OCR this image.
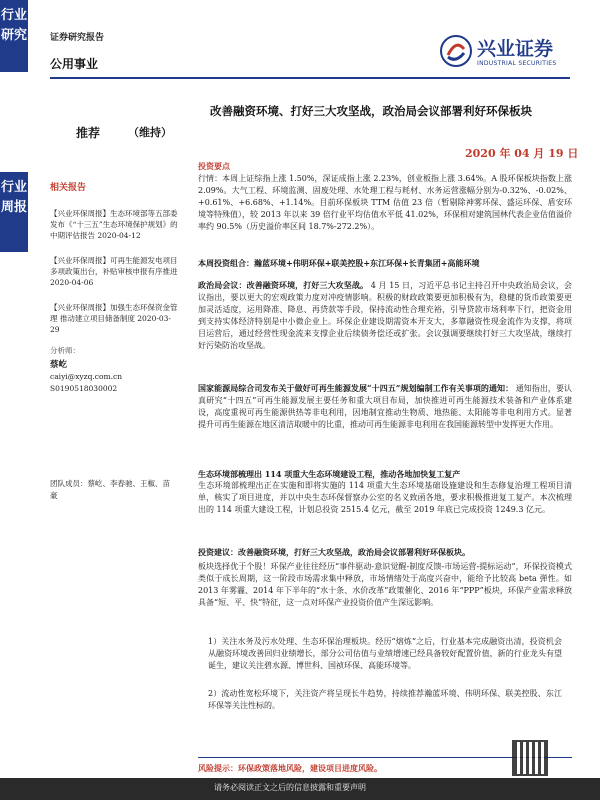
行业研究
行业周报
证券研究报告
公用事业
兴业证券
INDUSTRIAL SECURITIES
改善融资环境、打好三大攻坚战，政治局会议部署利好环保板块
推荐	（维持）
2020 年 04 月 19 日
相关报告
【兴业环保周报】生态环境部等五部委发布《“十三五”生态环境保护规划》的中期评估报告 2020-04-12
【兴业环保周报】可再生能源发电项目多项政策出台，补贴审核申报有序推进 2020-04-06
【兴业环保周报】加强生态环保资金管理 推动建立项目储备制度 2020-03-29
分析师：
蔡屹
caiyi@xyzq.com.cn
S0190518030002
团队成员：蔡屹、李春驰、王椒、苗豪
投资要点
行情：本周上证综指上涨 1.50%，深证成指上涨 2.23%，创业板指上涨 3.64%。A 股环保板块指数上涨 2.09%。大气工程、环境监测、固废处理、水处理工程与耗材、水务运营涨幅分别为-0.32%、-0.02%、+0.61%、+6.68%、+1.14%。目前环保板块 TTM 估值 23 倍（暂剔除神雾环保、盛运环保、盾安环境等特殊值），较 2013 年以来 39 倍行业平均估值水平低 41.02%，环保相对建筑国林代表企业估值溢价率约 90.5%（历史溢价率区间 18.7%-272.2%）。
本周投资组合：瀚蓝环境+伟明环保+联美控股+东江环保+长青集团+高能环境
政治局会议：改善融资环境，打好三大攻坚战。 4 月 15 日，习近平总书记主持召开中央政治局会议，会议指出，要以更大的宏观政策力度对冲疫情影响。积极的财政政策要更加积极有为，稳健的货币政策要更加灵活适度，运用降准、降息、再贷款等手段，保持流动性合理充裕，引导贷款市场利率下行，把资金用到支持实体经济特别是中小微企业上。环保企业建设期需资本开支大，多靠融资性现金流作为支撑，将项目运营后，通过经营性现金流来支撑企业后续债务偿还或扩张。会议强调要继续打好三大攻坚战，继续打好污染防治攻坚战。
国家能源局综合司发布关于做好可再生能源发展“十四五”规划编制工作有关事项的通知： 通知指出，要认真研究“十四五”可再生能源发展主要任务和重大项目布局，加快推进可再生能源技术装备和产业体系建设，高度重视可再生能源供热等非电利用，因地制宜推动生物质、地热能、太阳能等非电利用方式。显著提升可再生能源在地区清洁取暖中的比重，推动可再生能源非电利用在我国能源转型中发挥更大作用。
生态环境部梳理出 114 项重大生态环境建设工程，推动各地加快复工复产
生态环境部梳理出正在实施和即将实施的 114 项重大生态环境基础设施建设和生态修复治理工程项目清单，核实了项目进度，并以中央生态环保督察办公室的名义致函各地，要求积极推进复工复产。本次梳理出的 114 项重大建设工程，计划总投资 2515.4 亿元，截至 2019 年底已完成投资 1249.3 亿元。
投资建议：改善融资环境，打好三大攻坚战，政治局会议部署利好环保板块。
板块选择优于个股！环保产业往往经历“事件驱动-意识觉醒-制度反馈-市场运营-提标运动”，环保投资模式类似于成长周期，这一阶段市场需求集中释放，市场情绪处于高度兴奋中，能给予比较高 beta 弹性。如 2013 年雾霾、2014 年下半年的“水十条、水价改革”政策催化、2016 年“PPP”板块，环保产业需求释放具备“短、平、快”特征，这一点对环保产业投资价值产生深远影响。
1）关注水务及污水处理、生态环保治理板块。经历“熔炼”之后，行业基本完成融资出清，投资机会从融资环境改善回归业绩增长，部分公司估值与业绩增速已经具备较好配置价值，新的行业龙头有望诞生，建议关注碧水源、博世科、国祯环保、高能环境等。
2）流动性宽松环境下，关注资产将呈现长牛趋势，持续推荐瀚蓝环境、伟明环保、联美控股、东江环保等关注性标的。
风险提示：环保政策落地风险，建设项目进度风险。
请务必阅读正文之后的信息披露和重要声明
